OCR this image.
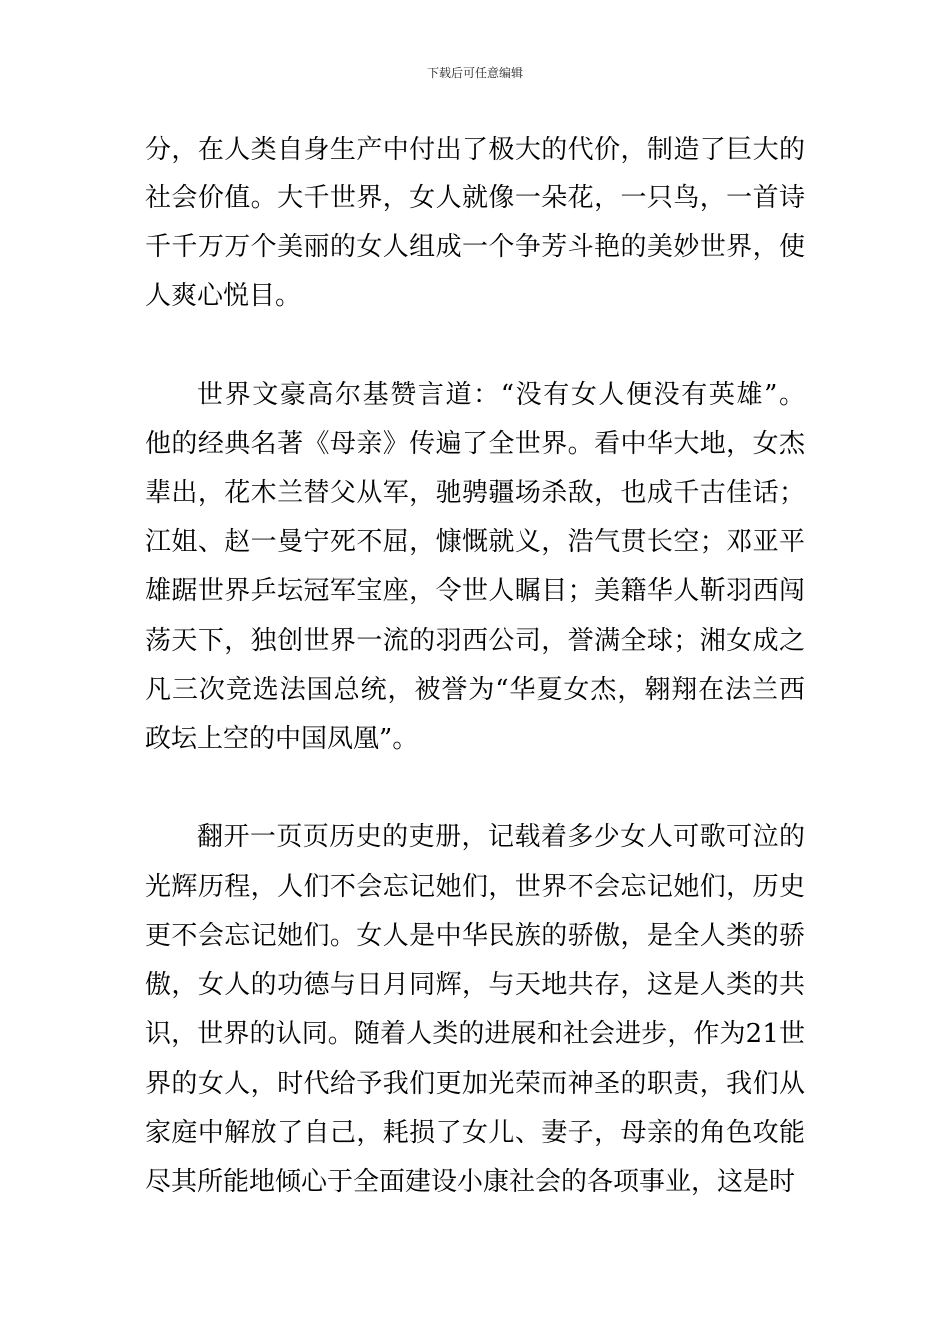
下载后可任意编辑
分，在人类自身生产中付出了极大的代价，制造了巨大的
社会价值。大千世界，女人就像一朵花，一只鸟，一首诗
千千万万个美丽的女人组成一个争芳斗艳的美妙世界，使
人爽心悦目。
世界文豪高尔基赞言道：“没有女人便没有英雄”。
他的经典名著《母亲》传遍了全世界。看中华大地，女杰
辈出，花木兰替父从军，驰骋疆场杀敌，也成千古佳话；
江姐、赵一曼宁死不屈，慷慨就义，浩气贯长空；邓亚平
雄踞世界乒坛冠军宝座，令世人瞩目；美籍华人靳羽西闯
荡天下，独创世界一流的羽西公司，誉满全球；湘女成之
凡三次竞选法国总统，被誉为“华夏女杰，翱翔在法兰西
政坛上空的中国凤凰”。
翻开一页页历史的吏册，记载着多少女人可歌可泣的
光辉历程，人们不会忘记她们，世界不会忘记她们，历史
更不会忘记她们。女人是中华民族的骄傲，是全人类的骄
傲，女人的功德与日月同辉，与天地共存，这是人类的共
识，世界的认同。随着人类的进展和社会进步，作为21世
界的女人，时代给予我们更加光荣而神圣的职责，我们从
家庭中解放了自己，耗损了女儿、妻子，母亲的角色攻能
尽其所能地倾心于全面建设小康社会的各项事业，这是时
